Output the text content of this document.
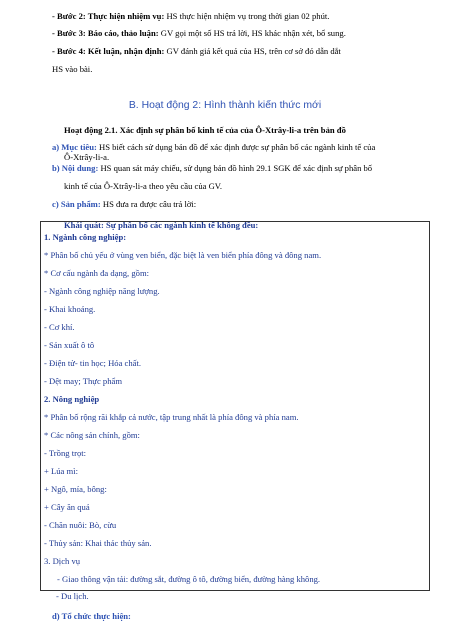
- Bước 2: Thực hiện nhiệm vụ: HS thực hiện nhiệm vụ trong thời gian 02 phút.
- Bước 3: Báo cáo, thảo luận: GV gọi một số HS trả lời, HS khác nhận xét, bổ sung.
- Bước 4: Kết luận, nhận định: GV đánh giá kết quả của HS, trên cơ sở đó dẫn dắt
HS vào bài.
B. Hoạt động 2: Hình thành kiến thức mới
Hoạt động 2.1. Xác định sự phân bố kinh tế của của Ô-Xtrây-li-a trên bản đồ
a) Mục tiêu: HS biết cách sử dụng bản đồ để xác định được sự phân bố các ngành kinh tế của
Ô-Xtrây-li-a.
b) Nội dung: HS quan sát máy chiếu, sử dụng bản đồ hình 29.1 SGK để xác định sự phân bố
kinh tế của Ô-Xtrây-li-a theo yêu cầu của GV.
c) Sản phẩm: HS đưa ra được câu trả lời:
Khái quát: Sự phân bố các ngành kinh tế không đều:
1. Ngành công nghiệp:
* Phân bố chủ yếu ở vùng ven biển, đặc biệt là ven biển phía đông và đông nam.
* Cơ cấu ngành đa dạng, gồm:
- Ngành công nghiệp năng lượng.
- Khai khoáng.
- Cơ khí.
- Sản xuất ô tô
- Điện tử- tin học; Hóa chất.
- Dệt may; Thực phẩm
2. Nông nghiệp
* Phân bố rộng rãi khắp cả nước, tập trung nhất là phía đông và phía nam.
* Các nông sản chính, gồm:
- Trồng trọt:
+ Lúa mì:
+ Ngô, mía, bông:
+ Cây ăn quả
- Chăn nuôi: Bò, cừu
- Thủy sản: Khai thác thủy sản.
3. Dịch vụ
- Giao thông vận tải: đường sắt, đường ô tô, đường biển, đường hàng không.
- Du lịch.
d) Tổ chức thực hiện:
